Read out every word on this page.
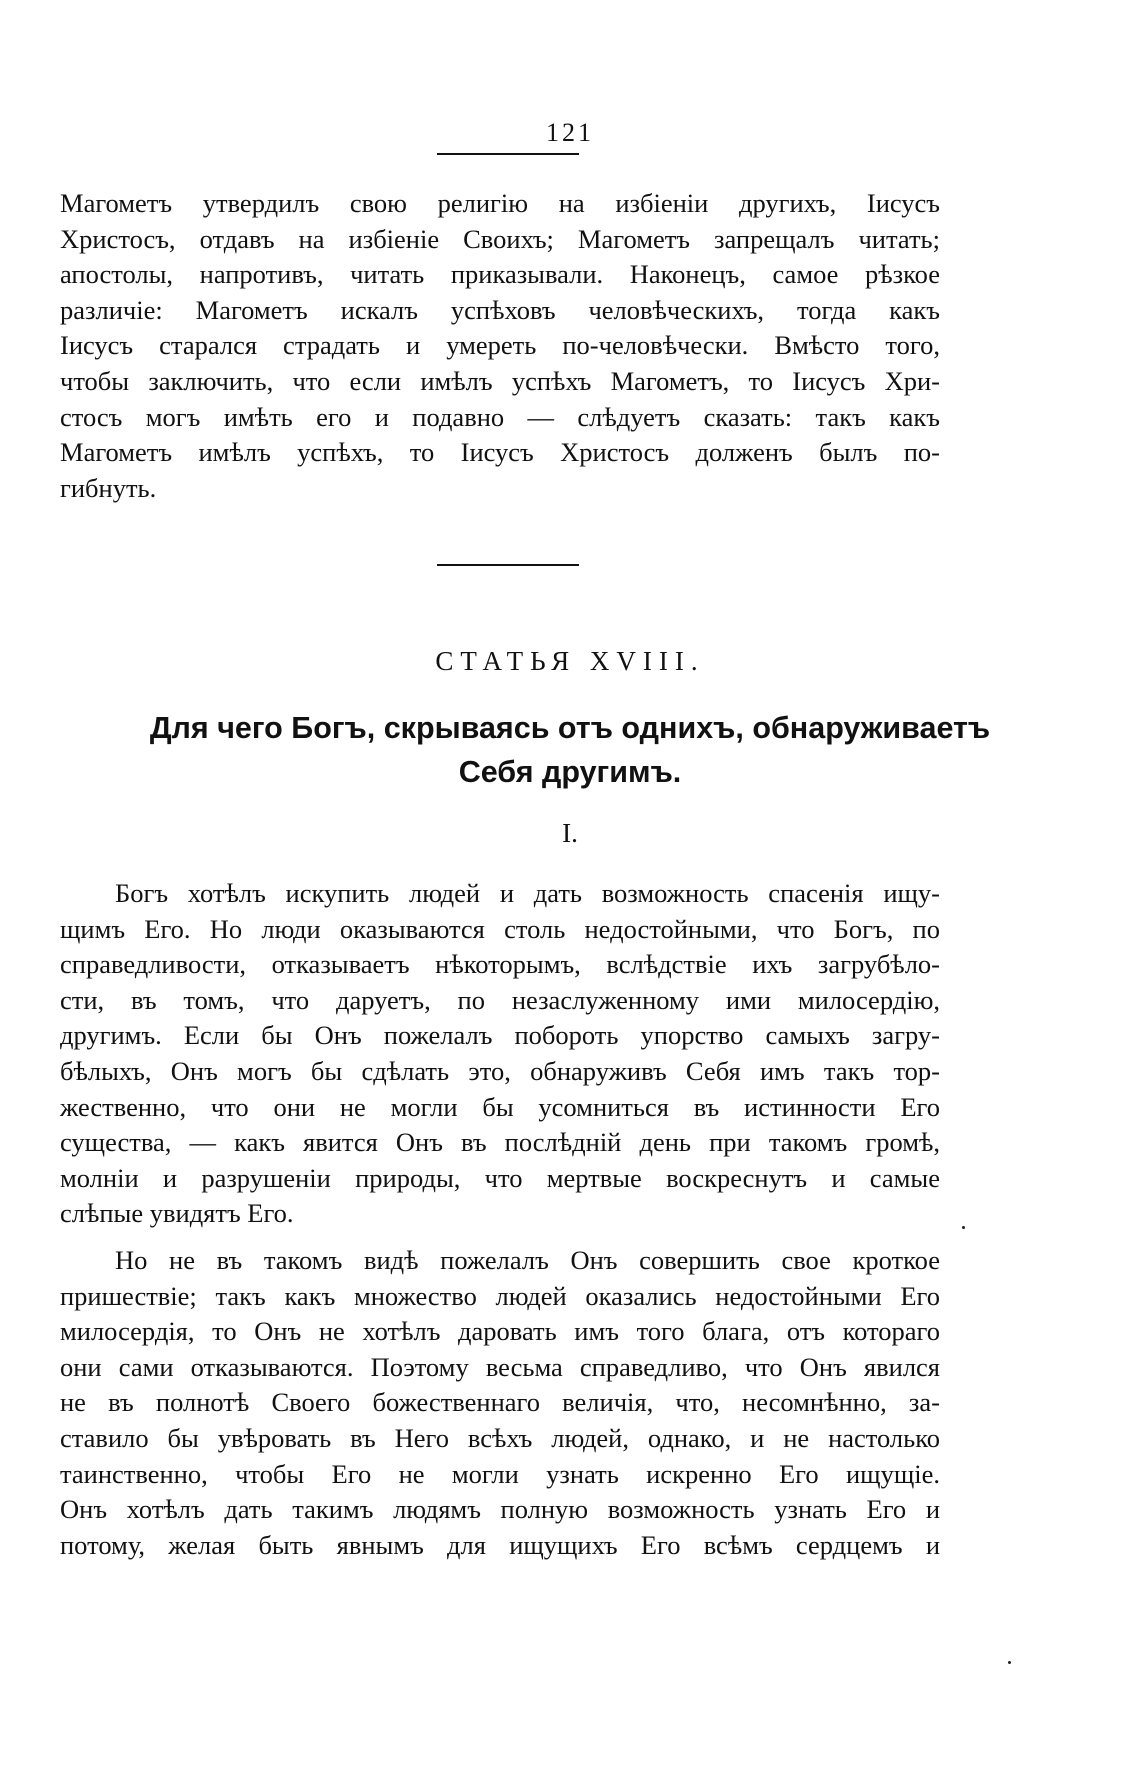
121
Магометъ утвердилъ свою религію на избіеніи другихъ, Іисусъ
Христосъ, отдавъ на избіеніе Своихъ; Магометъ запрещалъ читать;
апостолы, напротивъ, читать приказывали. Наконецъ, самое рѣзкое
различіе: Магометъ искалъ успѣховъ человѣческихъ, тогда какъ
Іисусъ старался страдать и умереть по-человѣчески. Вмѣсто того,
чтобы заключить, что если имѣлъ успѣхъ Магометъ, то Іисусъ Хри-
стосъ могъ имѣть его и подавно — слѣдуетъ сказать: такъ какъ
Магометъ имѣлъ успѣхъ, то Іисусъ Христосъ долженъ былъ по-
гибнуть.
СТАТЬЯ XVIII.
Для чего Богъ, скрываясь отъ однихъ, обнаруживаетъ
Себя другимъ.
I.
Богъ хотѣлъ искупить людей и дать возможность спасенія ищу-
щимъ Его. Но люди оказываются столь недостойными, что Богъ, по
справедливости, отказываетъ нѣкоторымъ, вслѣдствіе ихъ загрубѣло-
сти, въ томъ, что даруетъ, по незаслуженному ими милосердію,
другимъ. Если бы Онъ пожелалъ побороть упорство самыхъ загру-
бѣлыхъ, Онъ могъ бы сдѣлать это, обнаруживъ Себя имъ такъ тор-
жественно, что они не могли бы усомниться въ истинности Его
существа, — какъ явится Онъ въ послѣдній день при такомъ громѣ,
молніи и разрушеніи природы, что мертвые воскреснутъ и самые
слѣпые увидятъ Его.
Но не въ такомъ видѣ пожелалъ Онъ совершить свое кроткое
пришествіе; такъ какъ множество людей оказались недостойными Его
милосердія, то Онъ не хотѣлъ даровать имъ того блага, отъ котораго
они сами отказываются. Поэтому весьма справедливо, что Онъ явился
не въ полнотѣ Своего божественнаго величія, что, несомнѣнно, за-
ставило бы увѣровать въ Него всѣхъ людей, однако, и не настолько
таинственно, чтобы Его не могли узнать искренно Его ищущіе.
Онъ хотѣлъ дать такимъ людямъ полную возможность узнать Его и
потому, желая быть явнымъ для ищущихъ Его всѣмъ сердцемъ и
